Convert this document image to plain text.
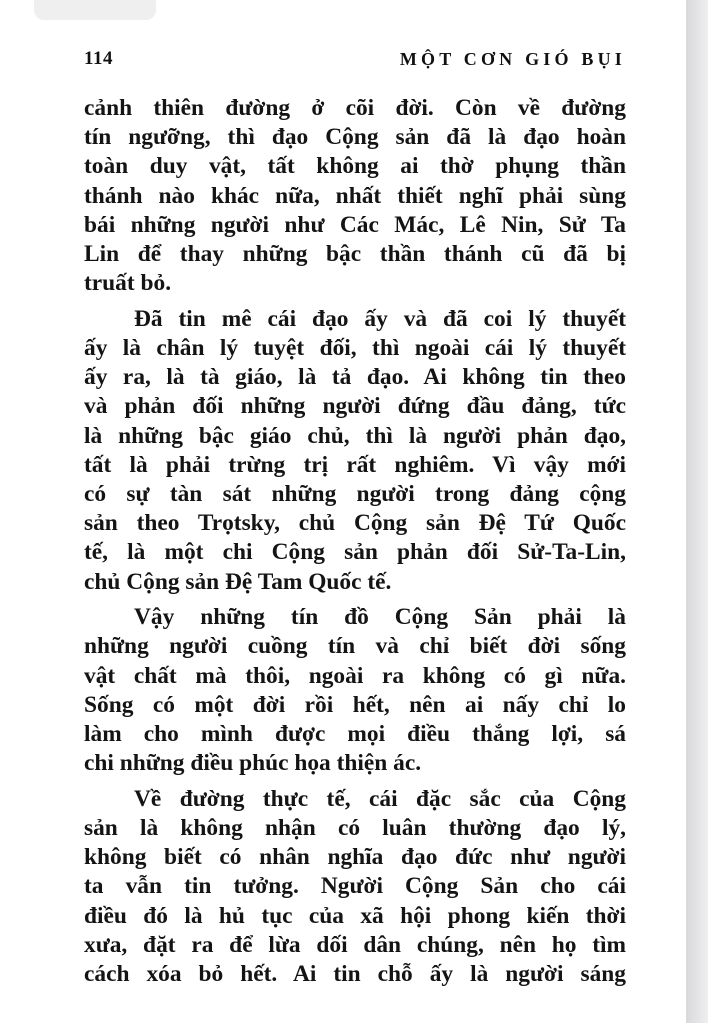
114	MỘT CƠN GIÓ BỤI
cảnh thiên đường ở cõi đời. Còn về đường
tín ngưỡng, thì đạo Cộng sản đã là đạo hoàn
toàn duy vật, tất không ai thờ phụng thần
thánh nào khác nữa, nhất thiết nghĩ phải sùng
bái những người như Các Mác, Lê Nin, Sử Ta
Lin để thay những bậc thần thánh cũ đã bị
truất bỏ.
Đã tin mê cái đạo ấy và đã coi lý thuyết
ấy là chân lý tuyệt đối, thì ngoài cái lý thuyết
ấy ra, là tà giáo, là tả đạo. Ai không tin theo
và phản đối những người đứng đầu đảng, tức
là những bậc giáo chủ, thì là người phản đạo,
tất là phải trừng trị rất nghiêm. Vì vậy mới
có sự tàn sát những người trong đảng cộng
sản theo Trọtsky, chủ Cộng sản Đệ Tứ Quốc
tế, là một chi Cộng sản phản đối Sử-Ta-Lin,
chủ Cộng sản Đệ Tam Quốc tế.
Vậy những tín đồ Cộng Sản phải là
những người cuồng tín và chỉ biết đời sống
vật chất mà thôi, ngoài ra không có gì nữa.
Sống có một đời rồi hết, nên ai nấy chỉ lo
làm cho mình được mọi điều thắng lợi, sá
chi những điều phúc họa thiện ác.
Về đường thực tế, cái đặc sắc của Cộng
sản là không nhận có luân thường đạo lý,
không biết có nhân nghĩa đạo đức như người
ta vẫn tin tưởng. Người Cộng Sản cho cái
điều đó là hủ tục của xã hội phong kiến thời
xưa, đặt ra để lừa dối dân chúng, nên họ tìm
cách xóa bỏ hết. Ai tin chỗ ấy là người sáng
